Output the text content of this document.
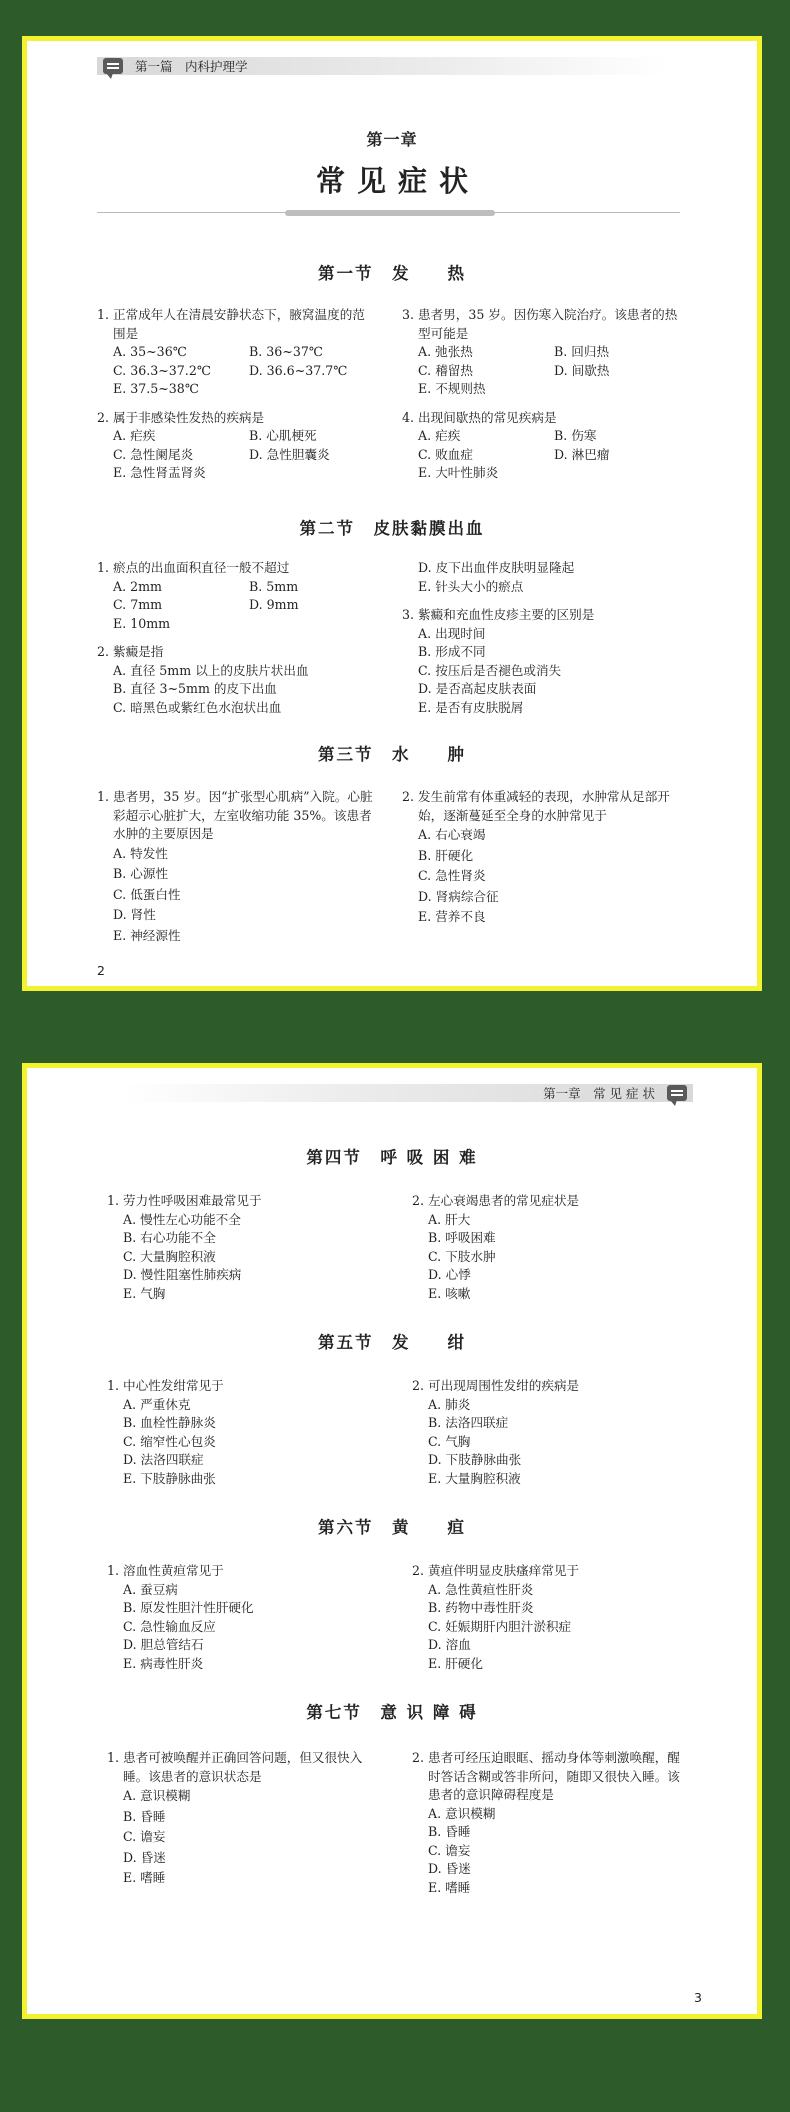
第一篇　内科护理学
第一章
常见症状
第一节　发　　热
1. 正常成年人在清晨安静状态下，腋窝温度的范围是
A. 35~36℃	B. 36~37℃
C. 36.3~37.2℃	D. 36.6~37.7℃
E. 37.5~38℃
2. 属于非感染性发热的疾病是
A. 疟疾	B. 心肌梗死
C. 急性阑尾炎	D. 急性胆囊炎
E. 急性肾盂肾炎
3. 患者男，35 岁。因伤寒入院治疗。该患者的热型可能是
A. 弛张热	B. 回归热
C. 稽留热	D. 间歇热
E. 不规则热
4. 出现间歇热的常见疾病是
A. 疟疾	B. 伤寒
C. 败血症	D. 淋巴瘤
E. 大叶性肺炎
第二节　皮肤黏膜出血
1. 瘀点的出血面积直径一般不超过
A. 2mm	B. 5mm
C. 7mm	D. 9mm
E. 10mm
2. 紫癜是指
A. 直径 5mm 以上的皮肤片状出血
B. 直径 3~5mm 的皮下出血
C. 暗黑色或紫红色水泡状出血
D. 皮下出血伴皮肤明显隆起
E. 针头大小的瘀点
3. 紫癜和充血性皮疹主要的区别是
A. 出现时间
B. 形成不同
C. 按压后是否褪色或消失
D. 是否高起皮肤表面
E. 是否有皮肤脱屑
第三节　水　　肿
1. 患者男，35 岁。因“扩张型心肌病”入院。心脏彩超示心脏扩大，左室收缩功能 35%。该患者水肿的主要原因是
A. 特发性
B. 心源性
C. 低蛋白性
D. 肾性
E. 神经源性
2. 发生前常有体重减轻的表现，水肿常从足部开始，逐渐蔓延至全身的水肿常见于
A. 右心衰竭
B. 肝硬化
C. 急性肾炎
D. 肾病综合征
E. 营养不良
2
第一章　常 见 症 状
第四节　呼 吸 困 难
1. 劳力性呼吸困难最常见于
A. 慢性左心功能不全
B. 右心功能不全
C. 大量胸腔积液
D. 慢性阻塞性肺疾病
E. 气胸
2. 左心衰竭患者的常见症状是
A. 肝大
B. 呼吸困难
C. 下肢水肿
D. 心悸
E. 咳嗽
第五节　发　　绀
1. 中心性发绀常见于
A. 严重休克
B. 血栓性静脉炎
C. 缩窄性心包炎
D. 法洛四联症
E. 下肢静脉曲张
2. 可出现周围性发绀的疾病是
A. 肺炎
B. 法洛四联症
C. 气胸
D. 下肢静脉曲张
E. 大量胸腔积液
第六节　黄　　疸
1. 溶血性黄疸常见于
A. 蚕豆病
B. 原发性胆汁性肝硬化
C. 急性输血反应
D. 胆总管结石
E. 病毒性肝炎
2. 黄疸伴明显皮肤瘙痒常见于
A. 急性黄疸性肝炎
B. 药物中毒性肝炎
C. 妊娠期肝内胆汁淤积症
D. 溶血
E. 肝硬化
第七节　意 识 障 碍
1. 患者可被唤醒并正确回答问题，但又很快入睡。该患者的意识状态是
A. 意识模糊
B. 昏睡
C. 谵妄
D. 昏迷
E. 嗜睡
2. 患者可经压迫眼眶、摇动身体等刺激唤醒，醒时答话含糊或答非所问，随即又很快入睡。该患者的意识障碍程度是
A. 意识模糊
B. 昏睡
C. 谵妄
D. 昏迷
E. 嗜睡
3
